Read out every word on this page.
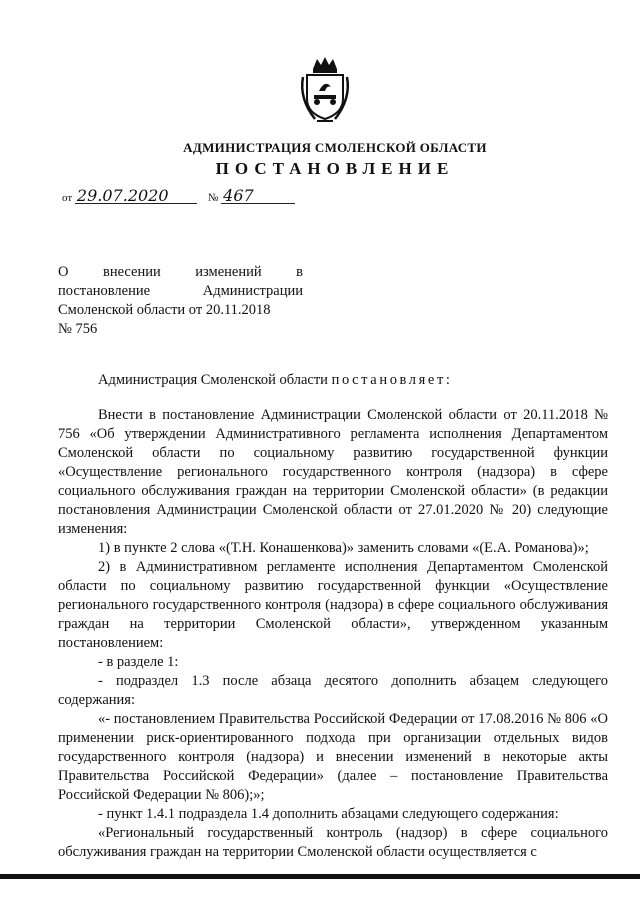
АДМИНИСТРАЦИЯ СМОЛЕНСКОЙ ОБЛАСТИ
ПОСТАНОВЛЕНИЕ
от 29.07.2020	№ 467
О внесении изменений в постановление Администрации Смоленской области от 20.11.2018
№ 756
Администрация Смоленской области постановляет:

Внести в постановление Администрации Смоленской области от 20.11.2018 № 756 «Об утверждении Административного регламента исполнения Департаментом Смоленской области по социальному развитию государственной функции «Осуществление регионального государственного контроля (надзора) в сфере социального обслуживания граждан на территории Смоленской области» (в редакции постановления Администрации Смоленской области от 27.01.2020 № 20) следующие изменения:

1) в пункте 2 слова «(Т.Н. Конашенкова)» заменить словами «(Е.А. Романова)»;

2) в Административном регламенте исполнения Департаментом Смоленской области по социальному развитию государственной функции «Осуществление регионального государственного контроля (надзора) в сфере социального обслуживания граждан на территории Смоленской области», утвержденном указанным постановлением:

- в разделе 1:

- подраздел 1.3 после абзаца десятого дополнить абзацем следующего содержания:

«- постановлением Правительства Российской Федерации от 17.08.2016 № 806 «О применении риск-ориентированного подхода при организации отдельных видов государственного контроля (надзора) и внесении изменений в некоторые акты Правительства Российской Федерации» (далее – постановление Правительства Российской Федерации № 806);»;

- пункт 1.4.1 подраздела 1.4 дополнить абзацами следующего содержания:

«Региональный государственный контроль (надзор) в сфере социального обслуживания граждан на территории Смоленской области осуществляется с
